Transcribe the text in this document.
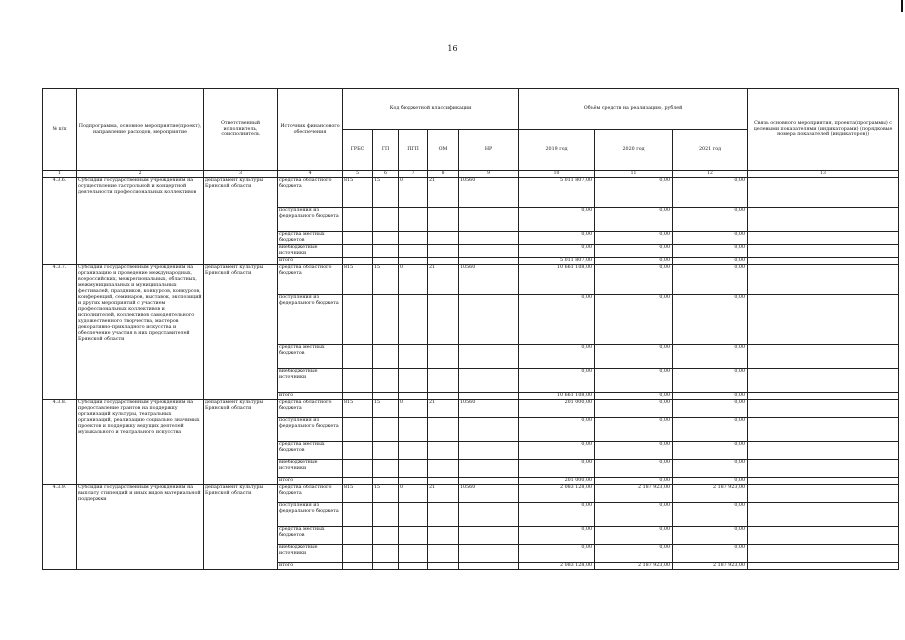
16
№ п/п	Подпрограмма, основное мероприятие(проект), направление расходов, мероприятие	Ответственный исполнитель, соисполнитель	Источник финансового обеспечения	Код бюджетной классификации					Объём средств на реализацию, рублей			Связь основного мероприятия, проекта(программы) с целевыми показателями (индикаторами) (порядковые номера показателей (индикаторов))
				ГРБС	ГП	ПГП	ОМ	НР	2019 год	2020 год	2021 год	
1	2	3	4	5	6	7	8	9	10	11	12	13
4.3.6.	Субсидии государственным учреждениям на осуществление гастрольной и концертной деятельности профессиональных коллективов	департамент культуры Брянской области	средства областного бюджета	815	15	0	21	10560	5 011 807,00	0,00	0,00	
			поступления из федерального бюджета						0,00	0,00	0,00	
			средства местных бюджетов						0,00	0,00	0,00	
			внебюджетные источники						0,00	0,00	0,00	
			итого						5 011 807,00	0,00	0,00	
4.3.7.	Субсидии государственным учреждениям на организацию и проведение международных, всероссийских, межрегиональных, областных, межмуниципальных и муниципальных фестивалей, праздников, конкурсов, конкурсов, конференций, семинаров, выставок, экспозиций и других мероприятий с участием профессиональных коллективов и исполнителей, коллективов самодеятельного художественного творчества, мастеров декоративно-прикладного искусства и обеспечение участия в них представителей Брянской области	департамент культуры Брянской области	средства областного бюджета	815	15	0	21	10560	10 661 108,00	0,00	0,00	
			поступления из федерального бюджета						0,00	0,00	0,00	
			средства местных бюджетов						0,00	0,00	0,00	
			внебюджетные источники						0,00	0,00	0,00	
			итого						10 661 108,00	0,00	0,00	
4.3.8.	Субсидии государственным учреждениям на предоставление грантов на поддержку организаций культуры, театральных организаций, реализацию социально значимых проектов и поддержку ведущих деятелей музыкального и театрального искусства	департамент культуры Брянской области	средства областного бюджета	815	15	0	21	10560	201 000,00	0,00	0,00	
			поступления из федерального бюджета						0,00	0,00	0,00	
			средства местных бюджетов						0,00	0,00	0,00	
			внебюджетные источники						0,00	0,00	0,00	
			итого						201 000,00	0,00	0,00	
4.3.9.	Субсидии государственным учреждениям на выплату стипендий и иных видов материальной поддержки	департамент культуры Брянской области	средства областного бюджета	815	15	0	21	10560	2 083 128,00	2 187 923,00	2 187 923,00	
			поступления из федерального бюджета						0,00	0,00	0,00	
			средства местных бюджетов						0,00	0,00	0,00	
			внебюджетные источники						0,00	0,00	0,00	
			итого						2 083 128,00	2 187 923,00	2 187 923,00	
